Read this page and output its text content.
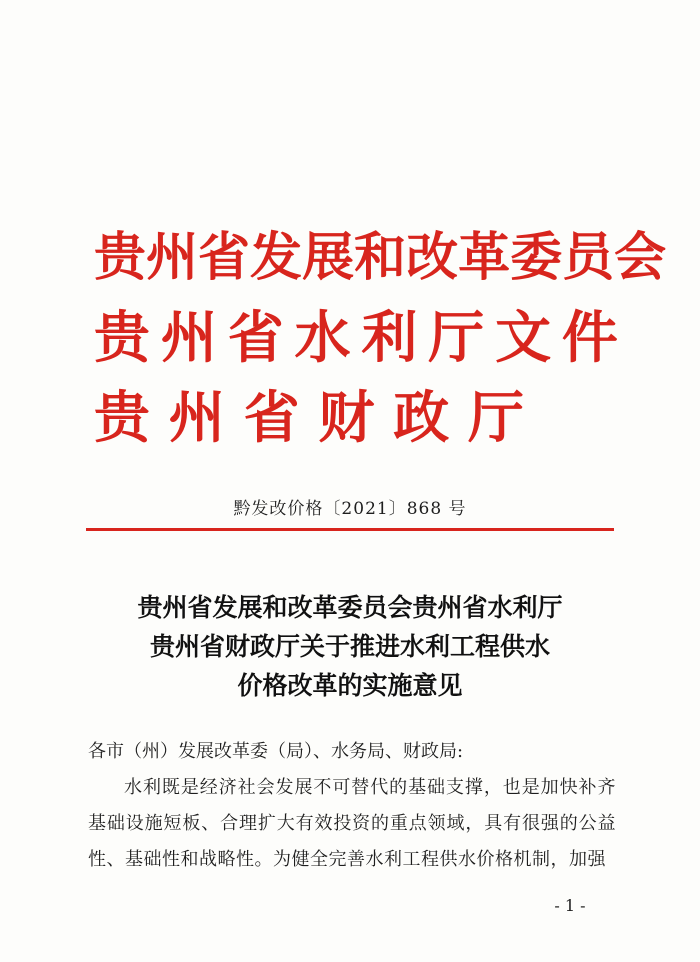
贵 州 省 发 展 和 改 革 委 员 会
贵 州 省 水 利 厅 文 件
贵 州 省 财 政 厅
黔发改价格〔2021〕868 号
贵州省发展和改革委员会贵州省水利厅
贵州省财政厅关于推进水利工程供水
价格改革的实施意见
各市（州）发展改革委（局）、水务局、财政局:
水利既是经济社会发展不可替代的基础支撑，也是加快补齐基础设施短板、合理扩大有效投资的重点领域，具有很强的公益性、基础性和战略性。为健全完善水利工程供水价格机制，加强
- 1 -
